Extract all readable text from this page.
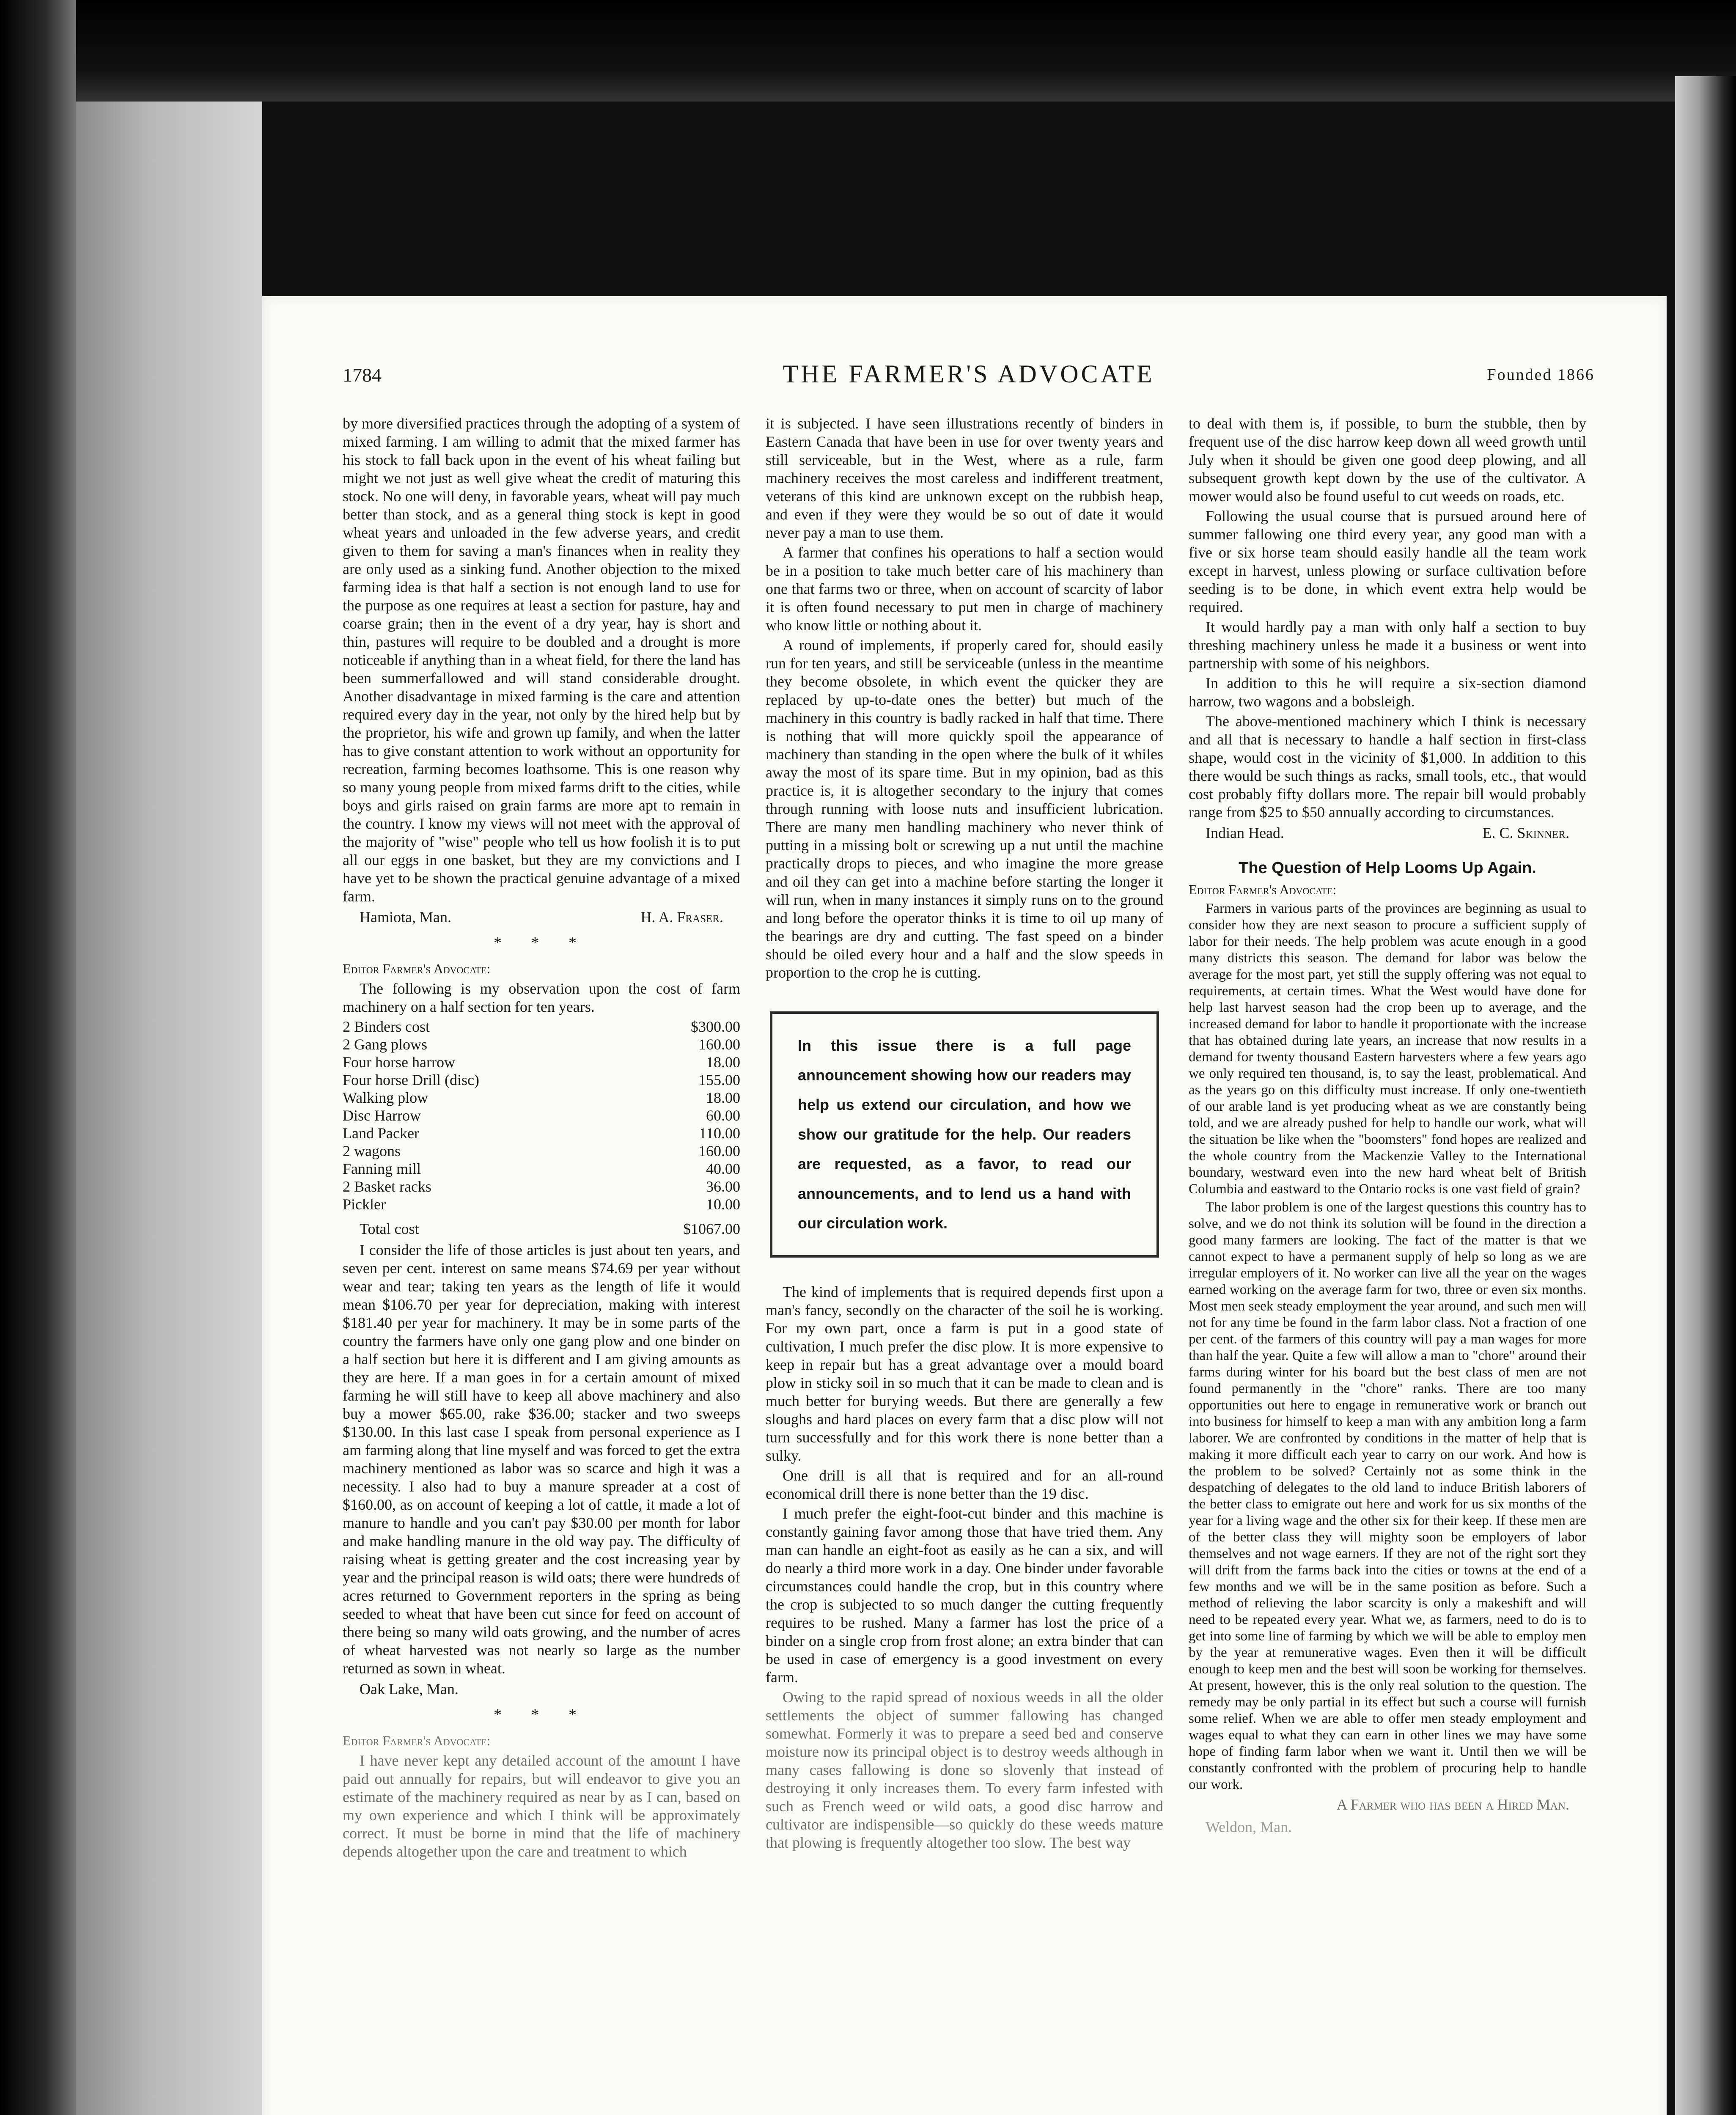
1784	THE FARMER'S ADVOCATE	Founded 1866

by more diversified practices through the adopting of a system of mixed farming. I am willing to admit that the mixed farmer has his stock to fall back upon in the event of his wheat failing but might we not just as well give wheat the credit of maturing this stock. No one will deny, in favorable years, wheat will pay much better than stock, and as a general thing stock is kept in good wheat years and unloaded in the few adverse years, and credit given to them for saving a man's finances when in reality they are only used as a sinking fund. Another objection to the mixed farming idea is that half a section is not enough land to use for the purpose as one requires at least a section for pasture, hay and coarse grain; then in the event of a dry year, hay is short and thin, pastures will require to be doubled and a drought is more noticeable if anything than in a wheat field, for there the land has been summerfallowed and will stand considerable drought. Another disadvantage in mixed farming is the care and attention required every day in the year, not only by the hired help but by the proprietor, his wife and grown up family, and when the latter has to give constant attention to work without an opportunity for recreation, farming becomes loathsome. This is one reason why so many young people from mixed farms drift to the cities, while boys and girls raised on grain farms are more apt to remain in the country. I know my views will not meet with the approval of the majority of "wise" people who tell us how foolish it is to put all our eggs in one basket, but they are my convictions and I have yet to be shown the practical genuine advantage of a mixed farm.

Hamiota, Man.	H. A. Fraser.
* * *
Editor Farmer's Advocate:

The following is my observation upon the cost of farm machinery on a half section for ten years.

2 Binders cost	$300.00
2 Gang plows	160.00
Four horse harrow	18.00
Four horse Drill (disc)	155.00
Walking plow	18.00
Disc Harrow	60.00
Land Packer	110.00
2 wagons	160.00
Fanning mill	40.00
2 Basket racks	36.00
Pickler	10.00
Total cost	$1067.00

I consider the life of those articles is just about ten years, and seven per cent. interest on same means $74.69 per year without wear and tear; taking ten years as the length of life it would mean $106.70 per year for depreciation, making with interest $181.40 per year for machinery. It may be in some parts of the country the farmers have only one gang plow and one binder on a half section but here it is different and I am giving amounts as they are here. If a man goes in for a certain amount of mixed farming he will still have to keep all above machinery and also buy a mower $65.00, rake $36.00; stacker and two sweeps $130.00. In this last case I speak from personal experience as I am farming along that line myself and was forced to get the extra machinery mentioned as labor was so scarce and high it was a necessity. I also had to buy a manure spreader at a cost of $160.00, as on account of keeping a lot of cattle, it made a lot of manure to handle and you can't pay $30.00 per month for labor and make handling manure in the old way pay. The difficulty of raising wheat is getting greater and the cost increasing year by year and the principal reason is wild oats; there were hundreds of acres returned to Government reporters in the spring as being seeded to wheat that have been cut since for feed on account of there being so many wild oats growing, and the number of acres of wheat harvested was not nearly so large as the number returned as sown in wheat.

Oak Lake, Man.
* * *
Editor Farmer's Advocate:

I have never kept any detailed account of the amount I have paid out annually for repairs, but will endeavor to give you an estimate of the machinery required as near by as I can, based on my own experience and which I think will be approximately correct. It must be borne in mind that the life of machinery depends altogether upon the care and treatment to which

it is subjected. I have seen illustrations recently of binders in Eastern Canada that have been in use for over twenty years and still serviceable, but in the West, where as a rule, farm machinery receives the most careless and indifferent treatment, veterans of this kind are unknown except on the rubbish heap, and even if they were they would be so out of date it would never pay a man to use them.

A farmer that confines his operations to half a section would be in a position to take much better care of his machinery than one that farms two or three, when on account of scarcity of labor it is often found necessary to put men in charge of machinery who know little or nothing about it.

A round of implements, if properly cared for, should easily run for ten years, and still be serviceable (unless in the meantime they become obsolete, in which event the quicker they are replaced by up-to-date ones the better) but much of the machinery in this country is badly racked in half that time. There is nothing that will more quickly spoil the appearance of machinery than standing in the open where the bulk of it whiles away the most of its spare time. But in my opinion, bad as this practice is, it is altogether secondary to the injury that comes through running with loose nuts and insufficient lubrication. There are many men handling machinery who never think of putting in a missing bolt or screwing up a nut until the machine practically drops to pieces, and who imagine the more grease and oil they can get into a machine before starting the longer it will run, when in many instances it simply runs on to the ground and long before the operator thinks it is time to oil up many of the bearings are dry and cutting. The fast speed on a binder should be oiled every hour and a half and the slow speeds in proportion to the crop he is cutting.

In this issue there is a full page announcement showing how our readers may help us extend our circulation, and how we show our gratitude for the help. Our readers are requested, as a favor, to read our announcements, and to lend us a hand with our circulation work.

The kind of implements that is required depends first upon a man's fancy, secondly on the character of the soil he is working. For my own part, once a farm is put in a good state of cultivation, I much prefer the disc plow. It is more expensive to keep in repair but has a great advantage over a mould board plow in sticky soil in so much that it can be made to clean and is much better for burying weeds. But there are generally a few sloughs and hard places on every farm that a disc plow will not turn successfully and for this work there is none better than a sulky.

One drill is all that is required and for an all-round economical drill there is none better than the 19 disc.

I much prefer the eight-foot-cut binder and this machine is constantly gaining favor among those that have tried them. Any man can handle an eight-foot as easily as he can a six, and will do nearly a third more work in a day. One binder under favorable circumstances could handle the crop, but in this country where the crop is subjected to so much danger the cutting frequently requires to be rushed. Many a farmer has lost the price of a binder on a single crop from frost alone; an extra binder that can be used in case of emergency is a good investment on every farm.

Owing to the rapid spread of noxious weeds in all the older settlements the object of summer fallowing has changed somewhat. Formerly it was to prepare a seed bed and conserve moisture now its principal object is to destroy weeds although in many cases fallowing is done so slovenly that instead of destroying it only increases them. To every farm infested with such as French weed or wild oats, a good disc harrow and cultivator are indispensible—so quickly do these weeds mature that plowing is frequently altogether too slow. The best way

to deal with them is, if possible, to burn the stubble, then by frequent use of the disc harrow keep down all weed growth until July when it should be given one good deep plowing, and all subsequent growth kept down by the use of the cultivator. A mower would also be found useful to cut weeds on roads, etc.

Following the usual course that is pursued around here of summer fallowing one third every year, any good man with a five or six horse team should easily handle all the team work except in harvest, unless plowing or surface cultivation before seeding is to be done, in which event extra help would be required.

It would hardly pay a man with only half a section to buy threshing machinery unless he made it a business or went into partnership with some of his neighbors.

In addition to this he will require a six-section diamond harrow, two wagons and a bobsleigh.

The above-mentioned machinery which I think is necessary and all that is necessary to handle a half section in first-class shape, would cost in the vicinity of $1,000. In addition to this there would be such things as racks, small tools, etc., that would cost probably fifty dollars more. The repair bill would probably range from $25 to $50 annually according to circumstances.

Indian Head.	E. C. Skinner.
The Question of Help Looms Up Again.
Editor Farmer's Advocate:

Farmers in various parts of the provinces are beginning as usual to consider how they are next season to procure a sufficient supply of labor for their needs. The help problem was acute enough in a good many districts this season. The demand for labor was below the average for the most part, yet still the supply offering was not equal to requirements, at certain times. What the West would have done for help last harvest season had the crop been up to average, and the increased demand for labor to handle it proportionate with the increase that has obtained during late years, an increase that now results in a demand for twenty thousand Eastern harvesters where a few years ago we only required ten thousand, is, to say the least, problematical. And as the years go on this difficulty must increase. If only one-twentieth of our arable land is yet producing wheat as we are constantly being told, and we are already pushed for help to handle our work, what will the situation be like when the "boomsters" fond hopes are realized and the whole country from the Mackenzie Valley to the International boundary, westward even into the new hard wheat belt of British Columbia and eastward to the Ontario rocks is one vast field of grain?

The labor problem is one of the largest questions this country has to solve, and we do not think its solution will be found in the direction a good many farmers are looking. The fact of the matter is that we cannot expect to have a permanent supply of help so long as we are irregular employers of it. No worker can live all the year on the wages earned working on the average farm for two, three or even six months. Most men seek steady employment the year around, and such men will not for any time be found in the farm labor class. Not a fraction of one per cent. of the farmers of this country will pay a man wages for more than half the year. Quite a few will allow a man to "chore" around their farms during winter for his board but the best class of men are not found permanently in the "chore" ranks. There are too many opportunities out here to engage in remunerative work or branch out into business for himself to keep a man with any ambition long a farm laborer. We are confronted by conditions in the matter of help that is making it more difficult each year to carry on our work. And how is the problem to be solved? Certainly not as some think in the despatching of delegates to the old land to induce British laborers of the better class to emigrate out here and work for us six months of the year for a living wage and the other six for their keep. If these men are of the better class they will mighty soon be employers of labor themselves and not wage earners. If they are not of the right sort they will drift from the farms back into the cities or towns at the end of a few months and we will be in the same position as before. Such a method of relieving the labor scarcity is only a makeshift and will need to be repeated every year. What we, as farmers, need to do is to get into some line of farming by which we will be able to employ men by the year at remunerative wages. Even then it will be difficult enough to keep men and the best will soon be working for themselves. At present, however, this is the only real solution to the question. The remedy may be only partial in its effect but such a course will furnish some relief. When we are able to offer men steady employment and wages equal to what they can earn in other lines we may have some hope of finding farm labor when we want it. Until then we will be constantly confronted with the problem of procuring help to handle our work.

A Farmer who has been a Hired Man.
Weldon, Man.
